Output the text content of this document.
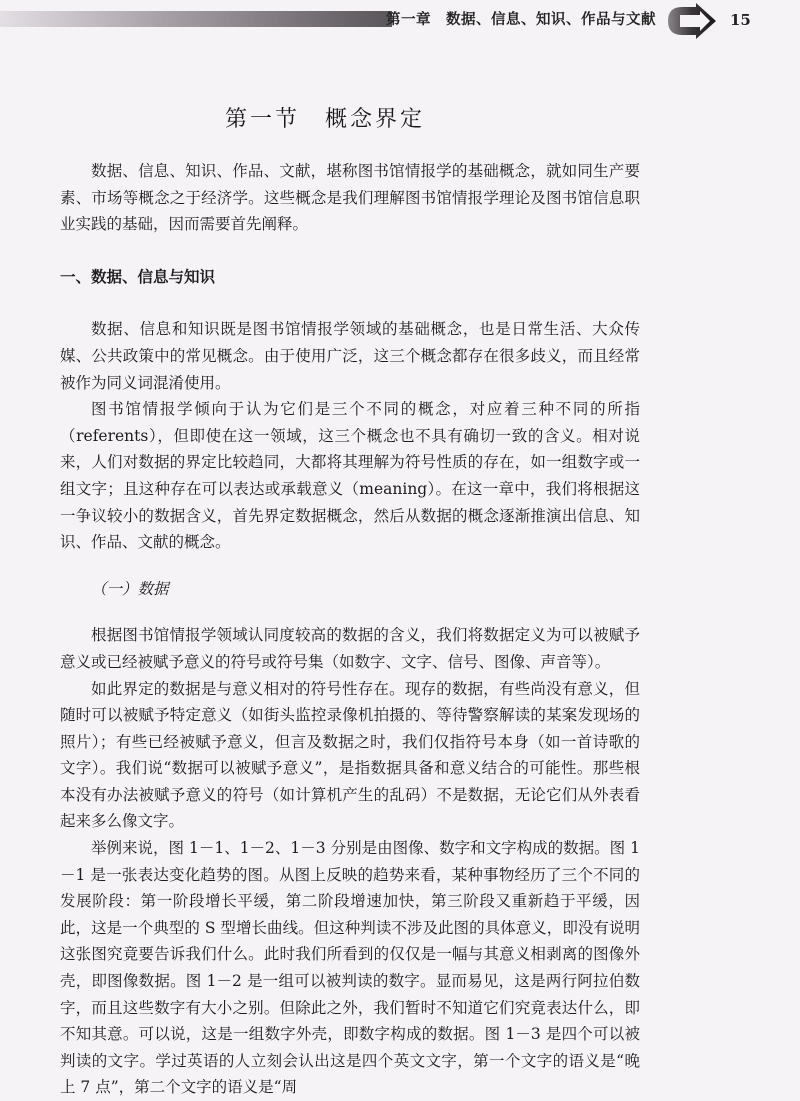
第一章　数据、信息、知识、作品与文献	15
第一节　概念界定

数据、信息、知识、作品、文献，堪称图书馆情报学的基础概念，就如同生产要素、市场等概念之于经济学。这些概念是我们理解图书馆情报学理论及图书馆信息职业实践的基础，因而需要首先阐释。

一、数据、信息与知识

数据、信息和知识既是图书馆情报学领域的基础概念，也是日常生活、大众传媒、公共政策中的常见概念。由于使用广泛，这三个概念都存在很多歧义，而且经常被作为同义词混淆使用。

图书馆情报学倾向于认为它们是三个不同的概念，对应着三种不同的所指（referents），但即使在这一领域，这三个概念也不具有确切一致的含义。相对说来，人们对数据的界定比较趋同，大都将其理解为符号性质的存在，如一组数字或一组文字；且这种存在可以表达或承载意义（meaning）。在这一章中，我们将根据这一争议较小的数据含义，首先界定数据概念，然后从数据的概念逐渐推演出信息、知识、作品、文献的概念。

（一）数据

根据图书馆情报学领域认同度较高的数据的含义，我们将数据定义为可以被赋予意义或已经被赋予意义的符号或符号集（如数字、文字、信号、图像、声音等）。

如此界定的数据是与意义相对的符号性存在。现存的数据，有些尚没有意义，但随时可以被赋予特定意义（如街头监控录像机拍摄的、等待警察解读的某案发现场的照片）；有些已经被赋予意义，但言及数据之时，我们仅指符号本身（如一首诗歌的文字）。我们说“数据可以被赋予意义”，是指数据具备和意义结合的可能性。那些根本没有办法被赋予意义的符号（如计算机产生的乱码）不是数据，无论它们从外表看起来多么像文字。

举例来说，图 1－1、1－2、1－3 分别是由图像、数字和文字构成的数据。图 1－1 是一张表达变化趋势的图。从图上反映的趋势来看，某种事物经历了三个不同的发展阶段：第一阶段增长平缓，第二阶段增速加快，第三阶段又重新趋于平缓，因此，这是一个典型的 S 型增长曲线。但这种判读不涉及此图的具体意义，即没有说明这张图究竟要告诉我们什么。此时我们所看到的仅仅是一幅与其意义相剥离的图像外壳，即图像数据。图 1－2 是一组可以被判读的数字。显而易见，这是两行阿拉伯数字，而且这些数字有大小之别。但除此之外，我们暂时不知道它们究竟表达什么，即不知其意。可以说，这是一组数字外壳，即数字构成的数据。图 1－3 是四个可以被判读的文字。学过英语的人立刻会认出这是四个英文文字，第一个文字的语义是“晚上 7 点”，第二个文字的语义是“周
